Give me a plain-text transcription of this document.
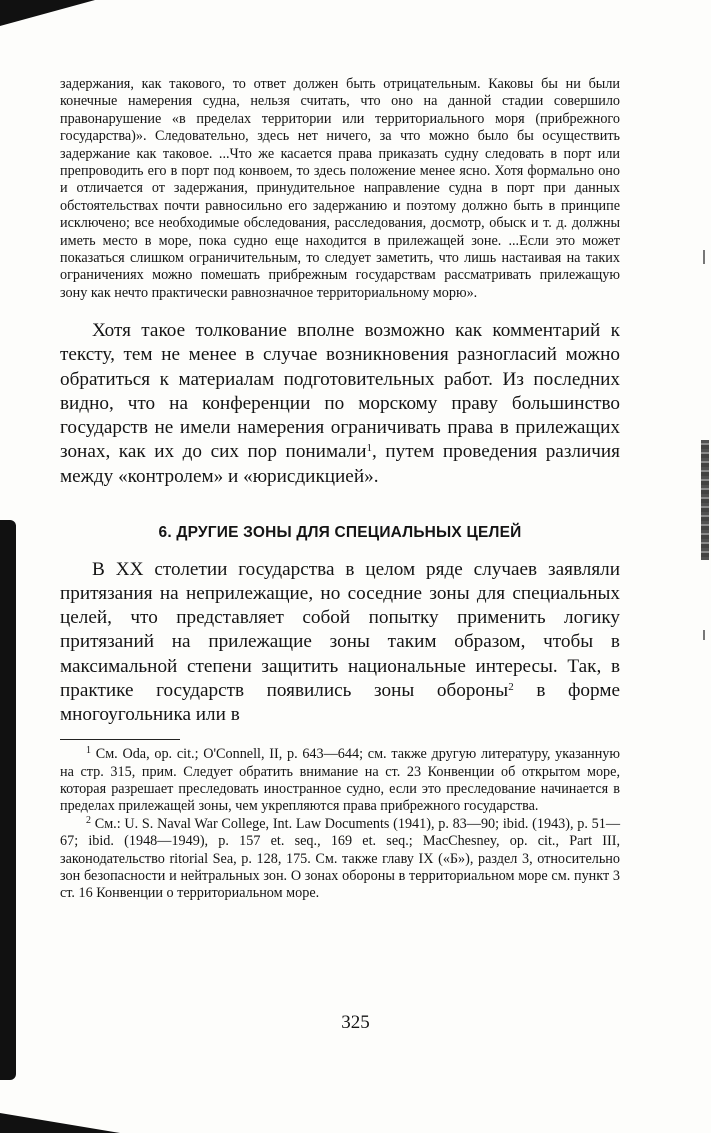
задержания, как такового, то ответ должен быть отрицательным. Каковы бы ни были конечные намерения судна, нельзя считать, что оно на данной стадии совершило правонарушение «в пределах территории или территориального моря (прибрежного государства)». Следовательно, здесь нет ничего, за что можно было бы осуществить задержание как таковое. ...Что же касается права приказать судну следовать в порт или препроводить его в порт под конвоем, то здесь положение менее ясно. Хотя формально оно и отличается от задержания, принудительное направление судна в порт при данных обстоятельствах почти равносильно его задержанию и поэтому должно быть в принципе исключено; все необходимые обследования, расследования, досмотр, обыск и т. д. должны иметь место в море, пока судно еще находится в прилежащей зоне. ...Если это может показаться слишком ограничительным, то следует заметить, что лишь настаивая на таких ограничениях можно помешать прибрежным государствам рассматривать прилежащую зону как нечто практически равнозначное территориальному морю».

Хотя такое толкование вполне возможно как комментарий к тексту, тем не менее в случае возникновения разногласий можно обратиться к материалам подготовительных работ. Из последних видно, что на конференции по морскому праву большинство государств не имели намерения ограничивать права в прилежащих зонах, как их до сих пор понимали$^1$, путем проведения различия между «контролем» и «юрисдикцией».

6. ДРУГИЕ ЗОНЫ ДЛЯ СПЕЦИАЛЬНЫХ ЦЕЛЕЙ

В XX столетии государства в целом ряде случаев заявляли притязания на неприлежащие, но соседние зоны для специальных целей, что представляет собой попытку применить логику притязаний на прилежащие зоны таким образом, чтобы в максимальной степени защитить национальные интересы. Так, в практике государств появились зоны обороны$^2$ в форме многоугольника или в

$^1$ См. Oda, op. cit.; O'Connell, II, p. 643—644; см. также другую литературу, указанную на стр. 315, прим. Следует обратить внимание на ст. 23 Конвенции об открытом море, которая разрешает преследовать иностранное судно, если это преследование начинается в пределах прилежащей зоны, чем укрепляются права прибрежного государства.

$^2$ См.: U. S. Naval War College, Int. Law Documents (1941), p. 83—90; ibid. (1943), p. 51—67; ibid. (1948—1949), p. 157 et. seq., 169 et. seq.; MacChesney, op. cit., Part III, законодательство ritorial Sea, p. 128, 175. См. также главу IX («Б»), раздел 3, относительно зон безопасности и нейтральных зон. О зонах обороны в территориальном море см. пункт 3 ст. 16 Конвенции о территориальном море.

325
